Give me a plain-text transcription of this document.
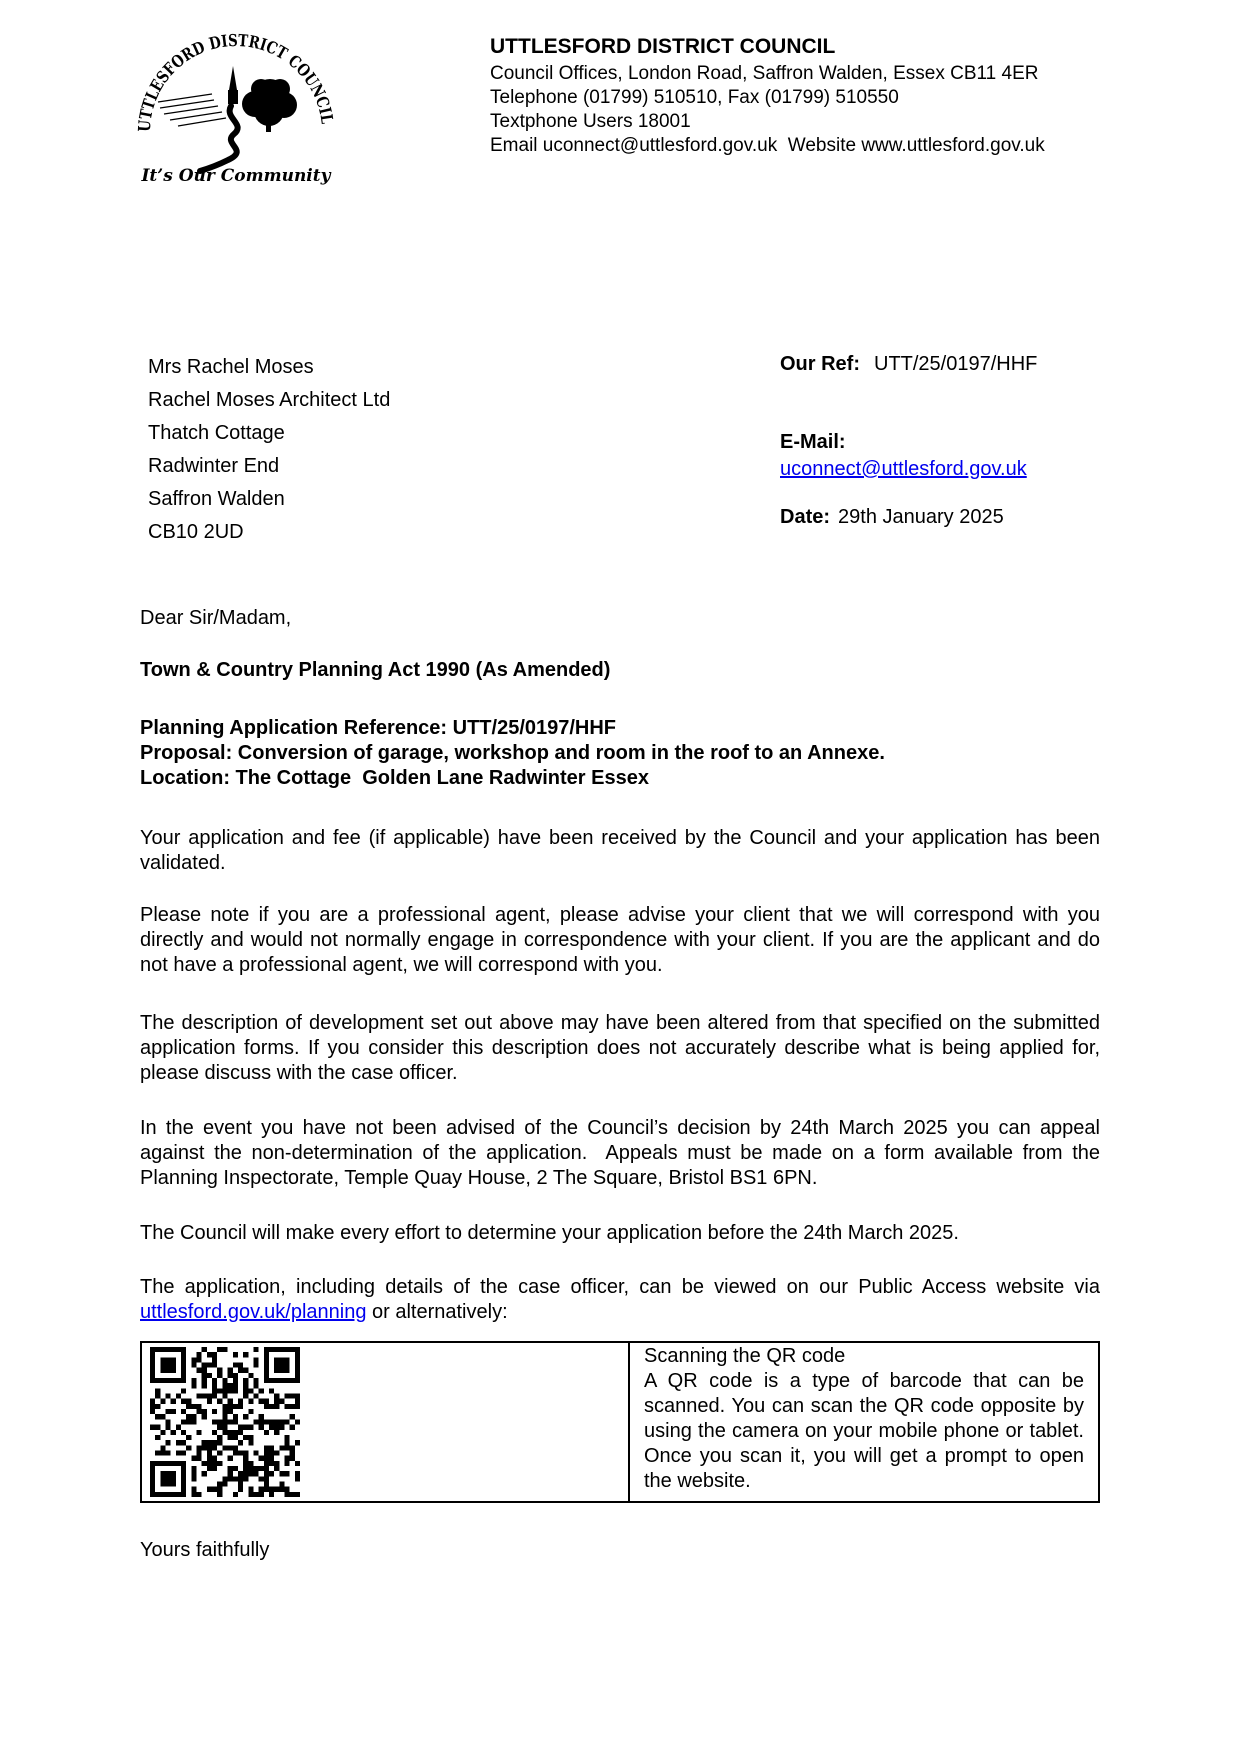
UTTLESFORD DISTRICT COUNCIL
It’s Our Community

UTTLESFORD DISTRICT COUNCIL

Council Offices, London Road, Saffron Walden, Essex CB11 4ER

Telephone (01799) 510510, Fax (01799) 510550

Textphone Users 18001

Email uconnect@uttlesford.gov.uk  Website www.uttlesford.gov.uk

Mrs Rachel Moses
Rachel Moses Architect Ltd
Thatch Cottage
Radwinter End
Saffron Walden
CB10 2UD
Our Ref: UTT/25/0197/HHF
E-Mail:
uconnect@uttlesford.gov.uk
Date: 29th January 2025

Dear Sir/Madam,

Town & Country Planning Act 1990 (As Amended)

Planning Application Reference: UTT/25/0197/HHF
Proposal: Conversion of garage, workshop and room in the roof to an Annexe.
Location: The Cottage  Golden Lane Radwinter Essex

Your application and fee (if applicable) have been received by the Council and your application has been validated.

Please note if you are a professional agent, please advise your client that we will correspond with you directly and would not normally engage in correspondence with your client. If you are the applicant and do not have a professional agent, we will correspond with you.

The description of development set out above may have been altered from that specified on the submitted application forms. If you consider this description does not accurately describe what is being applied for, please discuss with the case officer.

In the event you have not been advised of the Council’s decision by 24th March 2025 you can appeal against the non-determination of the application.  Appeals must be made on a form available from the Planning Inspectorate, Temple Quay House, 2 The Square, Bristol BS1 6PN.

The Council will make every effort to determine your application before the 24th March 2025.

The application, including details of the case officer, can be viewed on our Public Access website via uttlesford.gov.uk/planning or alternatively:

Scanning the QR code

A QR code is a type of barcode that can be scanned. You can scan the QR code opposite by using the camera on your mobile phone or tablet.  Once you scan it, you will get a prompt to open the website.

Yours faithfully
